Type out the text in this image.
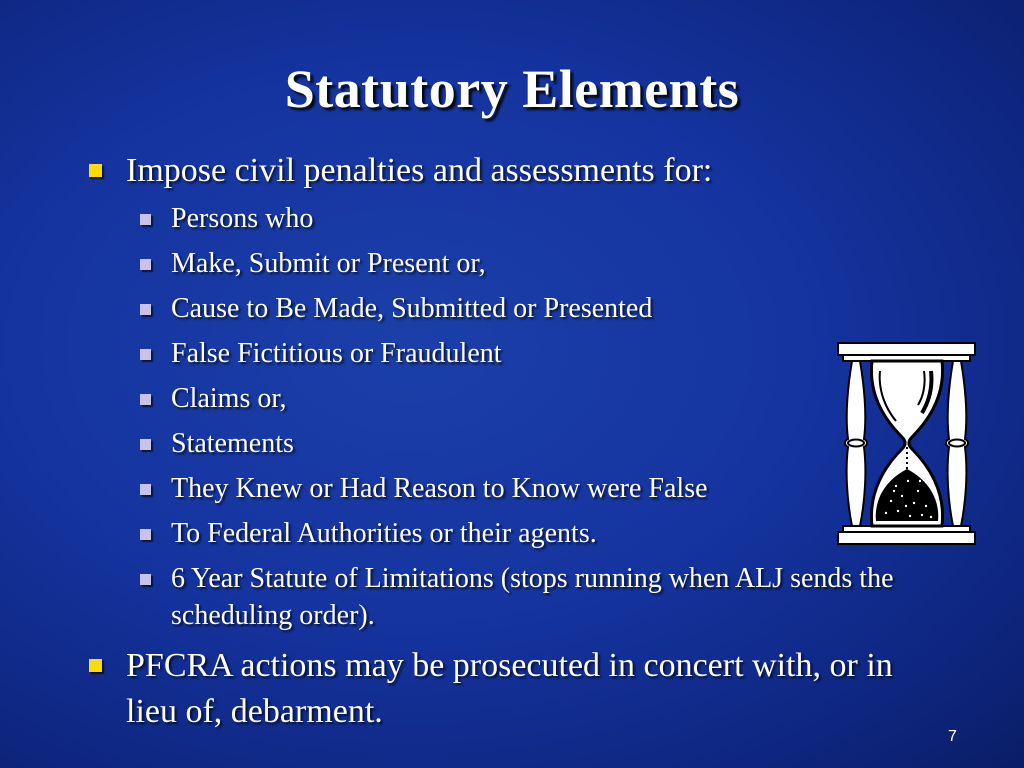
Statutory Elements
Impose civil penalties and assessments for:
Persons who
Make, Submit or Present or,
Cause to Be Made, Submitted or Presented
False Fictitious or Fraudulent
Claims or,
Statements
They Knew or Had Reason to Know were False
To Federal Authorities or their agents.
6 Year Statute of Limitations (stops running when ALJ sends the scheduling order).
PFCRA actions may be prosecuted in concert with, or in lieu of, debarment.
7
